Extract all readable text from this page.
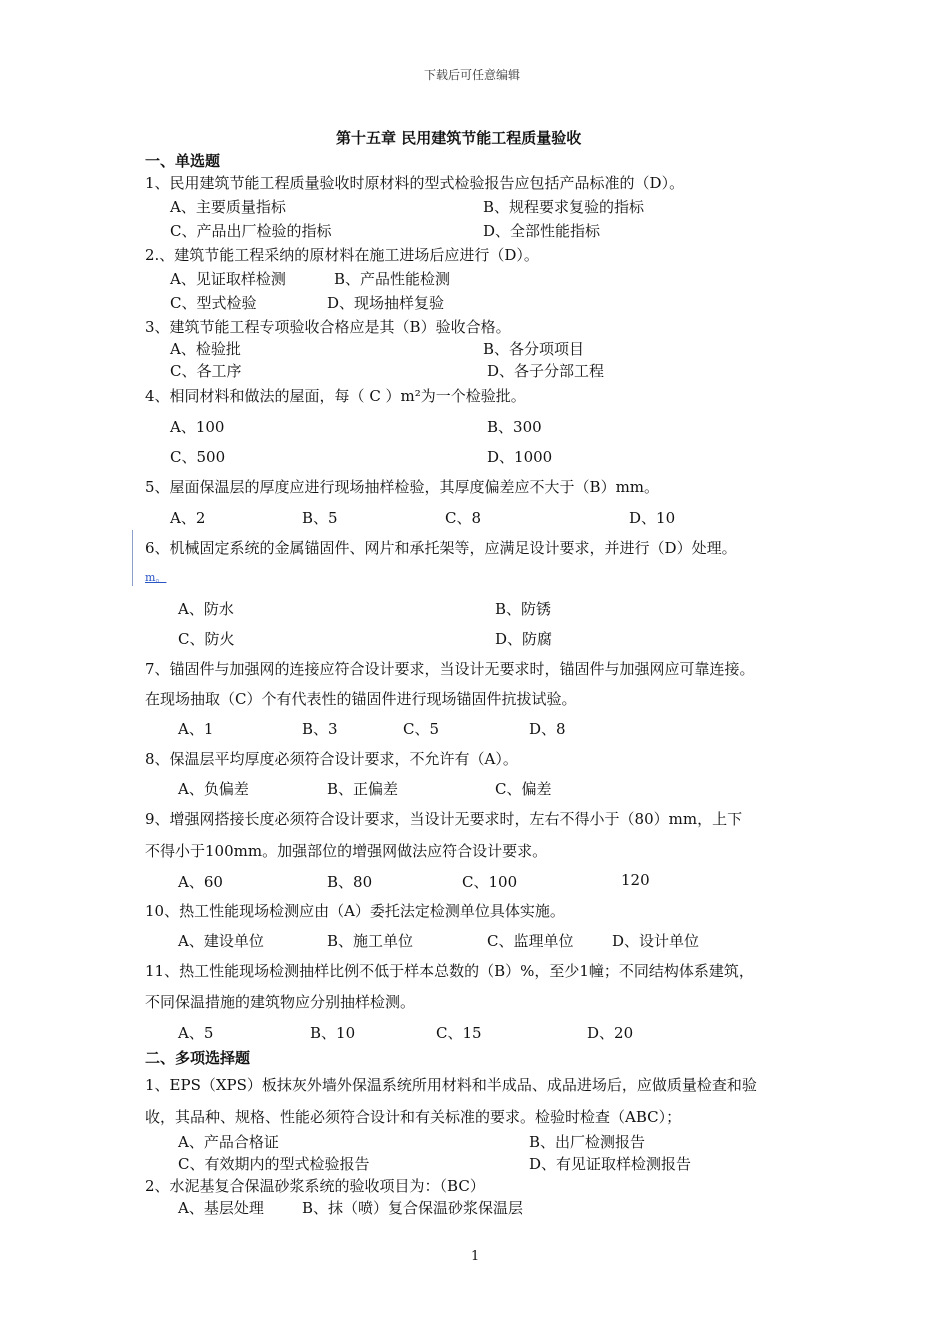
下载后可任意编辑
第十五章 民用建筑节能工程质量验收
一、单选题
1、民用建筑节能工程质量验收时原材料的型式检验报告应包括产品标准的（D）。
A、主要质量指标	B、规程要求复验的指标
C、产品出厂检验的指标	D、全部性能指标
2.、建筑节能工程采纳的原材料在施工进场后应进行（D）。
A、见证取样检测	B、产品性能检测
C、型式检验	D、现场抽样复验
3、建筑节能工程专项验收合格应是其（B）验收合格。
A、检验批	B、各分项项目
C、各工序	D、各子分部工程
4、相同材料和做法的屋面，每（ C ）m²为一个检验批。
A、100	B、300
C、500	D、1000
5、屋面保温层的厚度应进行现场抽样检验，其厚度偏差应不大于（B）mm。
A、2	B、5	C、8	D、10
6、机械固定系统的金属锚固件、网片和承托架等，应满足设计要求，并进行（D）处理。
m。
A、防水	B、防锈
C、防火	D、防腐
7、锚固件与加强网的连接应符合设计要求，当设计无要求时，锚固件与加强网应可靠连接。
在现场抽取（C）个有代表性的锚固件进行现场锚固件抗拔试验。
A、1	B、3	C、5	D、8
8、保温层平均厚度必须符合设计要求，不允许有（A）。
A、负偏差	B、正偏差	C、偏差
9、增强网搭接长度必须符合设计要求，当设计无要求时，左右不得小于（80）mm，上下
不得小于100mm。加强部位的增强网做法应符合设计要求。
A、60	B、80	C、100	120
10、热工性能现场检测应由（A）委托法定检测单位具体实施。
A、建设单位	B、施工单位	C、监理单位	D、设计单位
11、热工性能现场检测抽样比例不低于样本总数的（B）%，至少1幢；不同结构体系建筑，
不同保温措施的建筑物应分别抽样检测。
A、5	B、10	C、15	D、20
二、多项选择题
1、EPS（XPS）板抹灰外墙外保温系统所用材料和半成品、成品进场后，应做质量检查和验
收，其品种、规格、性能必须符合设计和有关标准的要求。检验时检查（ABC）；
A、产品合格证	B、出厂检测报告
C、有效期内的型式检验报告	D、有见证取样检测报告
2、水泥基复合保温砂浆系统的验收项目为：（BC）
A、基层处理	B、抹（喷）复合保温砂浆保温层
1
